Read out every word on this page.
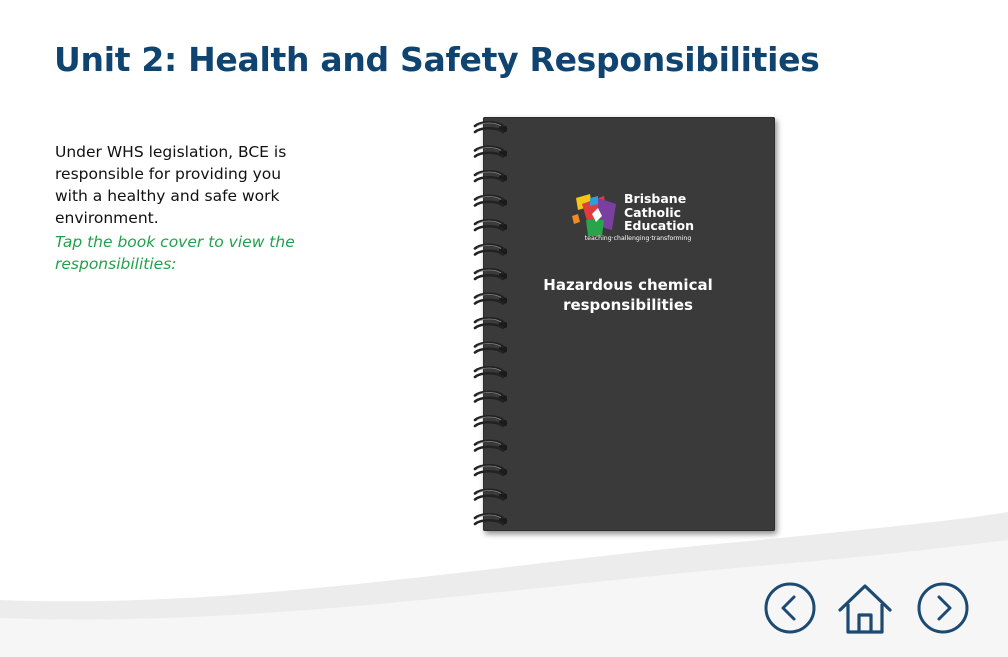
Unit 2: Health and Safety Responsibilities

Under WHS legislation, BCE is responsible for providing you with a healthy and safe work environment.

Tap the book cover to view the responsibilities:

Brisbane
Catholic
Education
teaching·challenging·transforming
Hazardous chemical responsibilities
